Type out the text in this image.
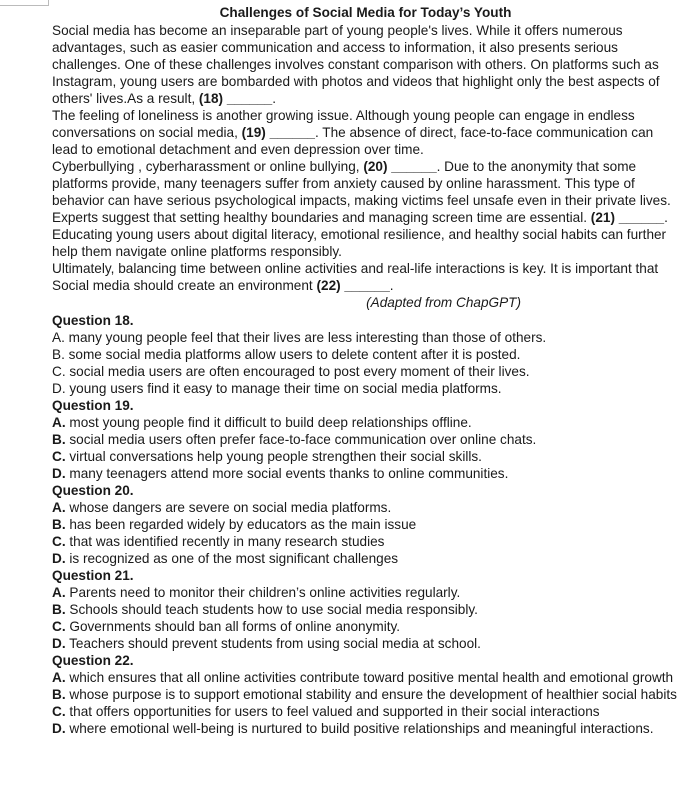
Challenges of Social Media for Today’s Youth

Social media has become an inseparable part of young people's lives. While it offers numerous advantages, such as easier communication and access to information, it also presents serious challenges. One of these challenges involves constant comparison with others. On platforms such as Instagram, young users are bombarded with photos and videos that highlight only the best aspects of others' lives.As a result, (18) ______.

The feeling of loneliness is another growing issue. Although young people can engage in endless conversations on social media, (19) ______. The absence of direct, face-to-face communication can lead to emotional detachment and even depression over time.

Cyberbullying , cyberharassment or online bullying, (20) ______. Due to the anonymity that some platforms provide, many teenagers suffer from anxiety caused by online harassment. This type of behavior can have serious psychological impacts, making victims feel unsafe even in their private lives.

Experts suggest that setting healthy boundaries and managing screen time are essential. (21) ______. Educating young users about digital literacy, emotional resilience, and healthy social habits can further help them navigate online platforms responsibly.

Ultimately, balancing time between online activities and real-life interactions is key. It is important that Social media should create an environment (22) ______.

(Adapted from ChapGPT)

Question 18.

A. many young people feel that their lives are less interesting than those of others.

B. some social media platforms allow users to delete content after it is posted.

C. social media users are often encouraged to post every moment of their lives.

D. young users find it easy to manage their time on social media platforms.

Question 19.

A. most young people find it difficult to build deep relationships offline.

B. social media users often prefer face-to-face communication over online chats.

C. virtual conversations help young people strengthen their social skills.

D. many teenagers attend more social events thanks to online communities.

Question 20.

A. whose dangers are severe on social media platforms.

B. has been regarded widely by educators as the main issue

C. that was identified recently in many research studies

D. is recognized as one of the most significant challenges

Question 21.

A. Parents need to monitor their children’s online activities regularly.

B. Schools should teach students how to use social media responsibly.

C. Governments should ban all forms of online anonymity.

D. Teachers should prevent students from using social media at school.

Question 22.

A. which ensures that all online activities contribute toward positive mental health and emotional growth

B. whose purpose is to support emotional stability and ensure the development of healthier social habits

C. that offers opportunities for users to feel valued and supported in their social interactions

D. where emotional well-being is nurtured to build positive relationships and meaningful interactions.
